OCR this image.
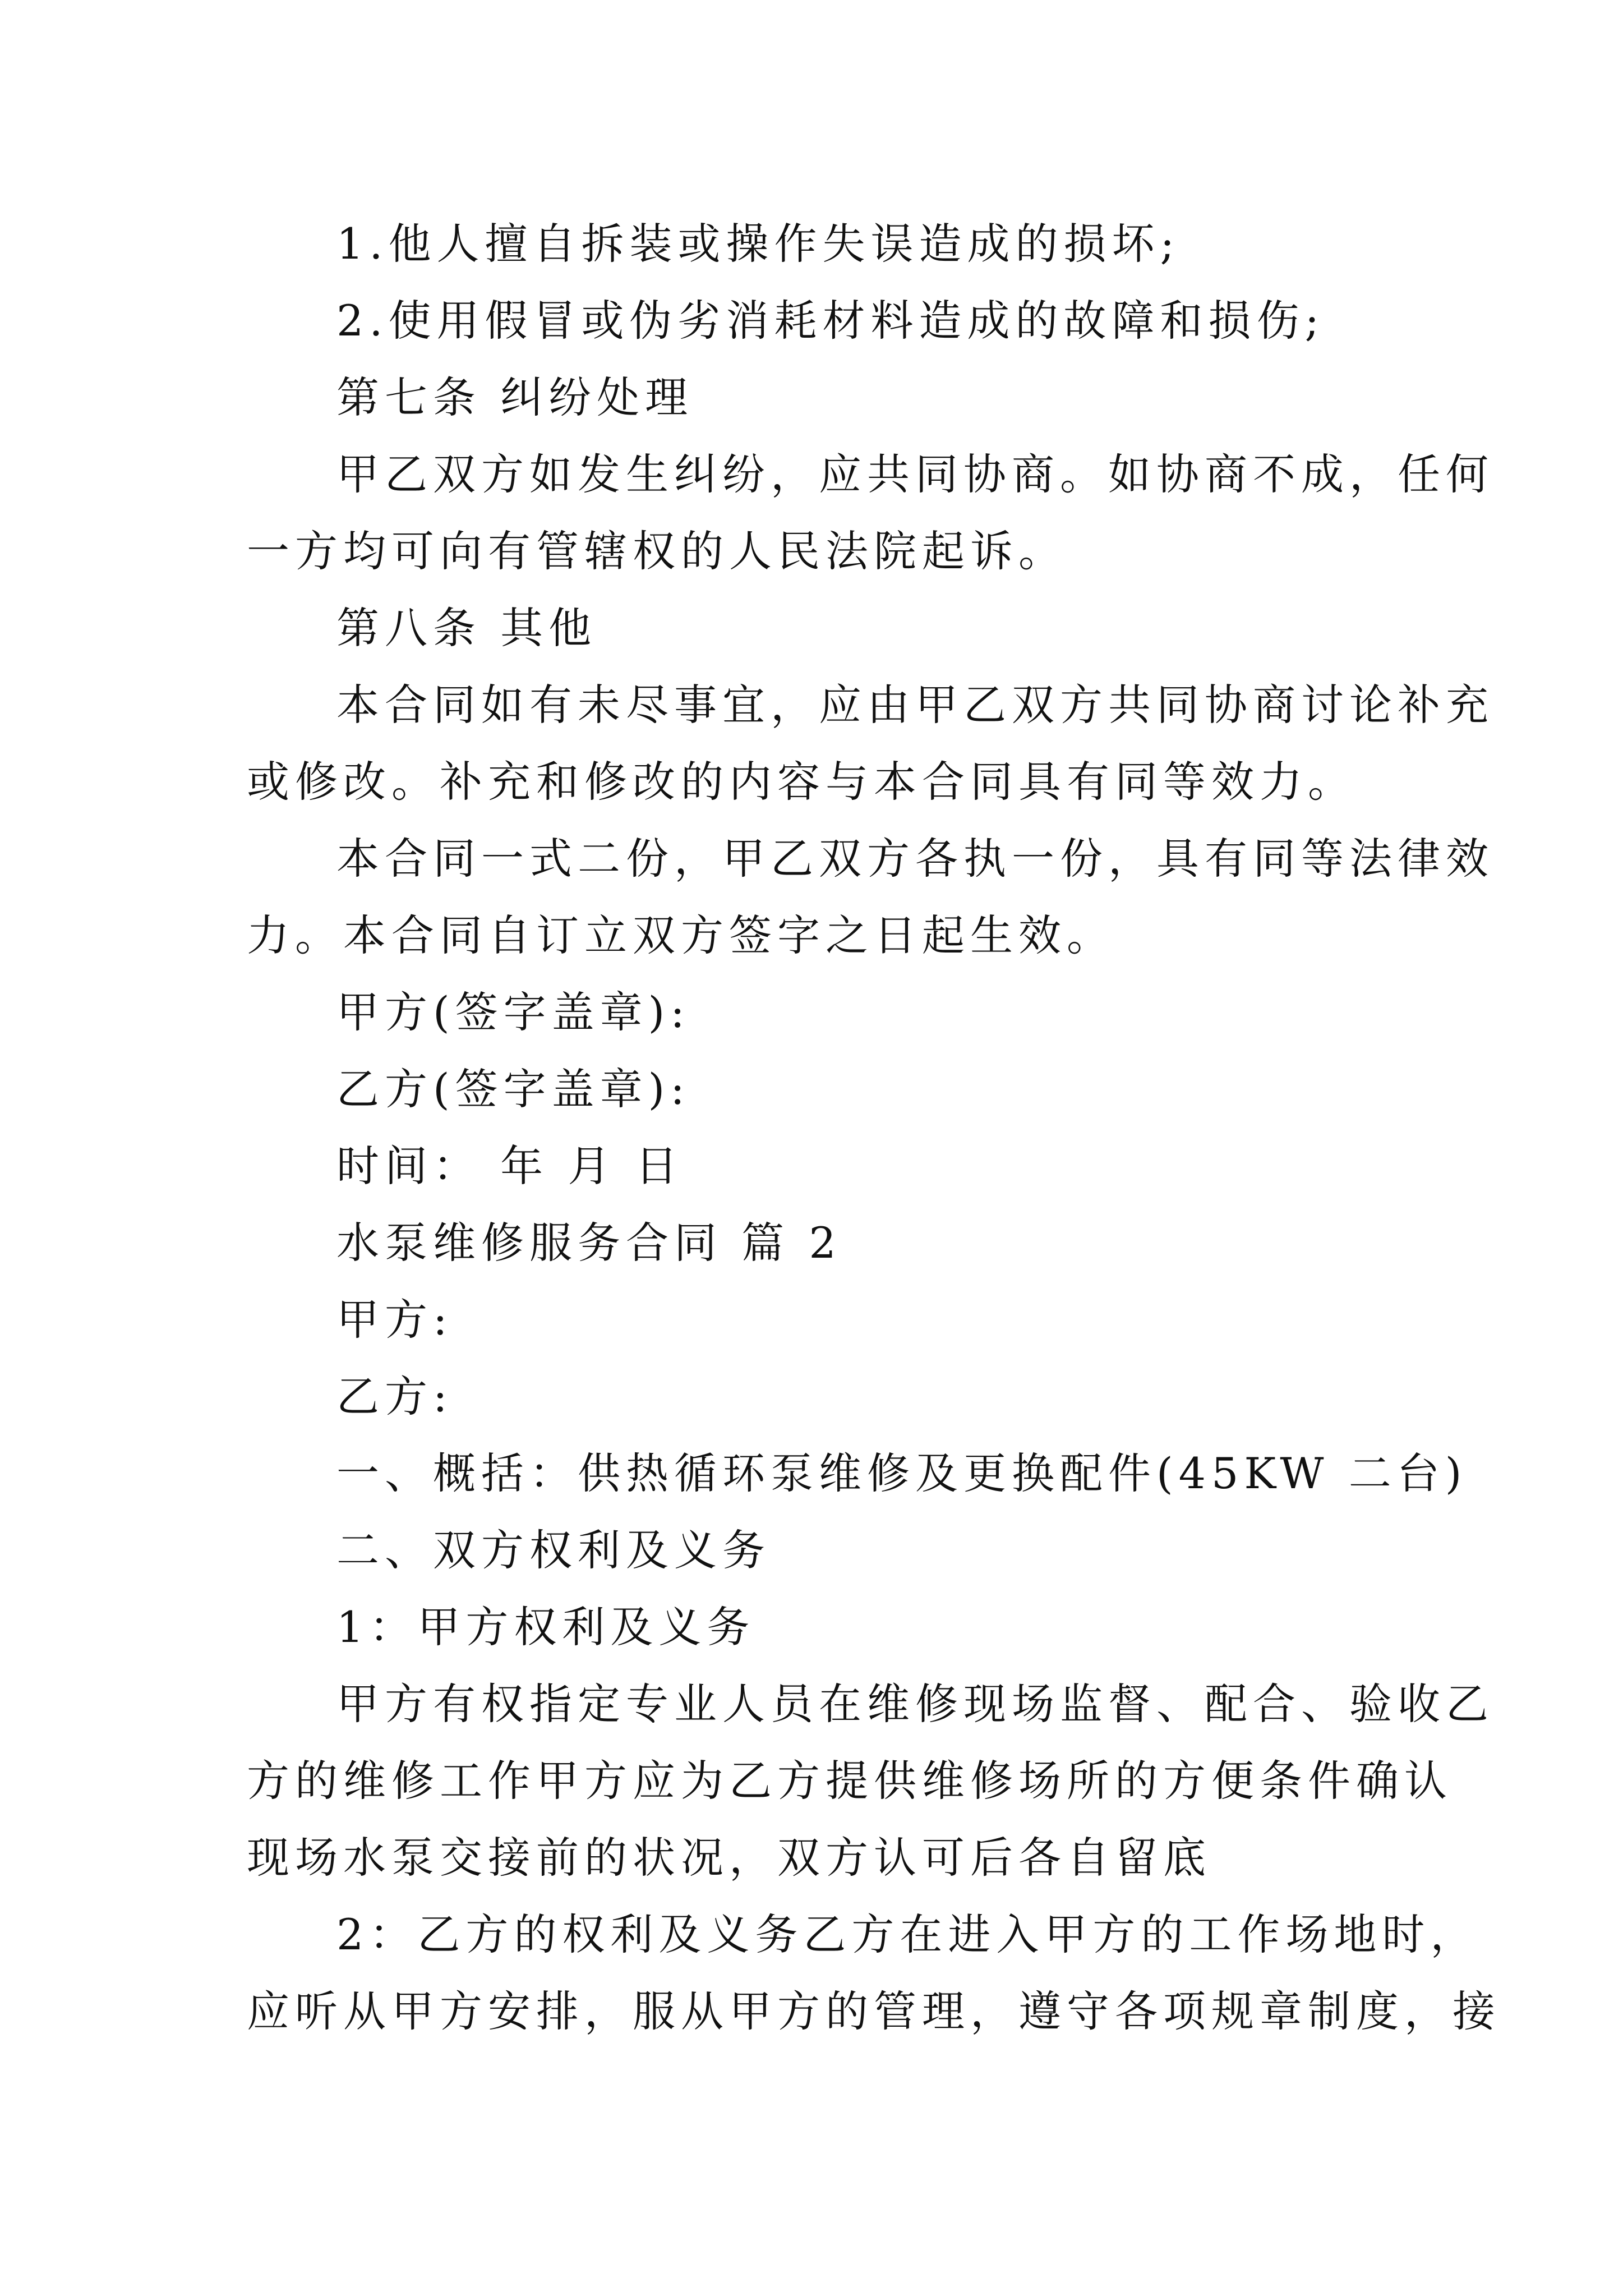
1.他人擅自拆装或操作失误造成的损坏;
2.使用假冒或伪劣消耗材料造成的故障和损伤;
第七条 纠纷处理
甲乙双方如发生纠纷，应共同协商。如协商不成，任何
一方均可向有管辖权的人民法院起诉。
第八条 其他
本合同如有未尽事宜，应由甲乙双方共同协商讨论补充
或修改。补充和修改的内容与本合同具有同等效力。
本合同一式二份，甲乙双方各执一份，具有同等法律效
力。本合同自订立双方签字之日起生效。
甲方(签字盖章):
乙方(签字盖章):
时间： 年 月 日
水泵维修服务合同 篇 2
甲方:
乙方:
一、概括：供热循环泵维修及更换配件(45KW 二台)
二、双方权利及义务
1：甲方权利及义务
甲方有权指定专业人员在维修现场监督、配合、验收乙
方的维修工作甲方应为乙方提供维修场所的方便条件确认
现场水泵交接前的状况，双方认可后各自留底
2：乙方的权利及义务乙方在进入甲方的工作场地时，
应听从甲方安排，服从甲方的管理，遵守各项规章制度，接
